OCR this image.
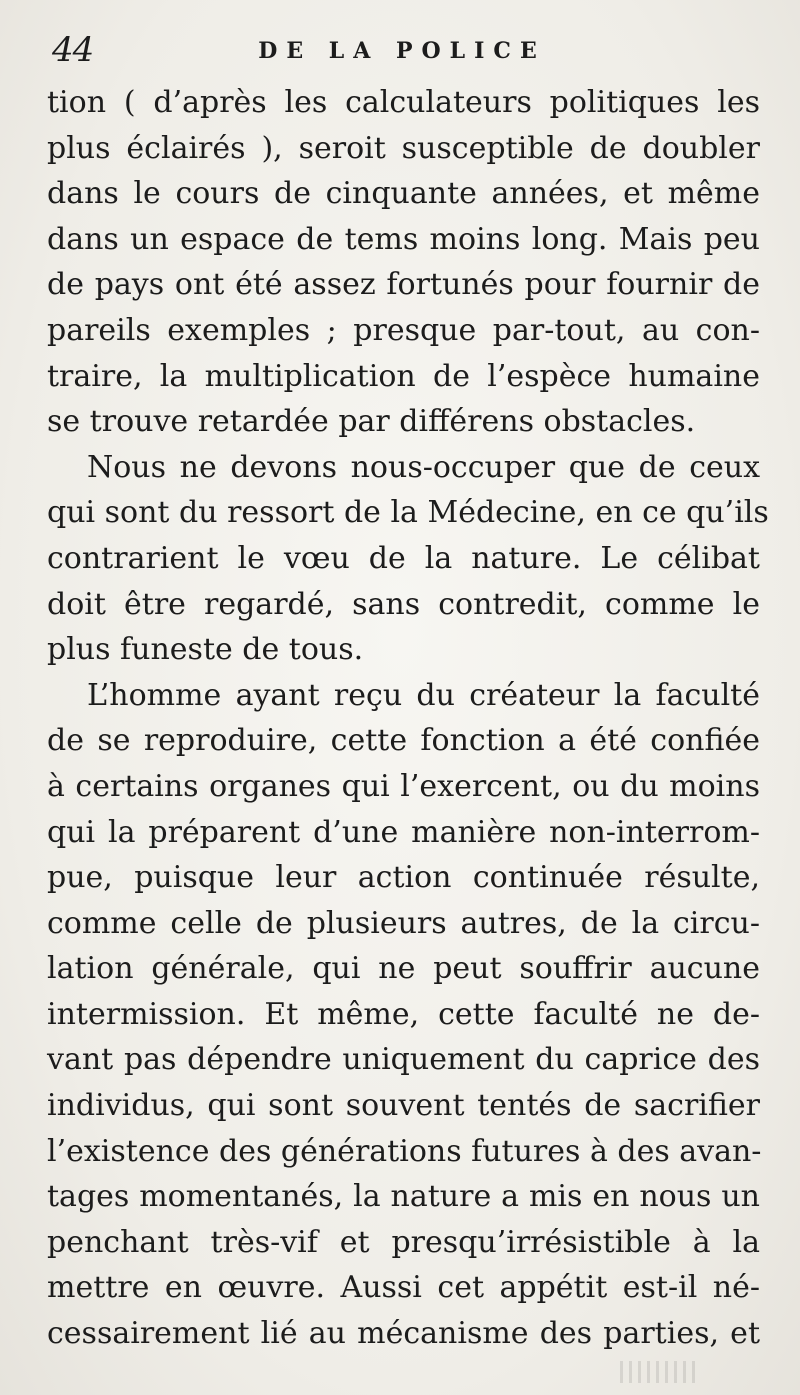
44	DE LA POLICE
tion ( d’après les calculateurs politiques les
plus éclairés ), seroit susceptible de doubler
dans le cours de cinquante années, et même
dans un espace de tems moins long. Mais peu
de pays ont été assez fortunés pour fournir de
pareils exemples ; presque par-tout, au con-
traire, la multiplication de l’espèce humaine
se trouve retardée par différens obstacles.
Nous ne devons nous-occuper que de ceux
qui sont du ressort de la Médecine, en ce qu’ils
contrarient le vœu de la nature. Le célibat
doit être regardé, sans contredit, comme le
plus funeste de tous.
L’homme ayant reçu du créateur la faculté
de se reproduire, cette fonction a été confiée
à certains organes qui l’exercent, ou du moins
qui la préparent d’une manière non-interrom-
pue, puisque leur action continuée résulte,
comme celle de plusieurs autres, de la circu-
lation générale, qui ne peut souffrir aucune
intermission. Et même, cette faculté ne de-
vant pas dépendre uniquement du caprice des
individus, qui sont souvent tentés de sacrifier
l’existence des générations futures à des avan-
tages momentanés, la nature a mis en nous un
penchant très-vif et presqu’irrésistible à la
mettre en œuvre. Aussi cet appétit est-il né-
cessairement lié au mécanisme des parties, et
